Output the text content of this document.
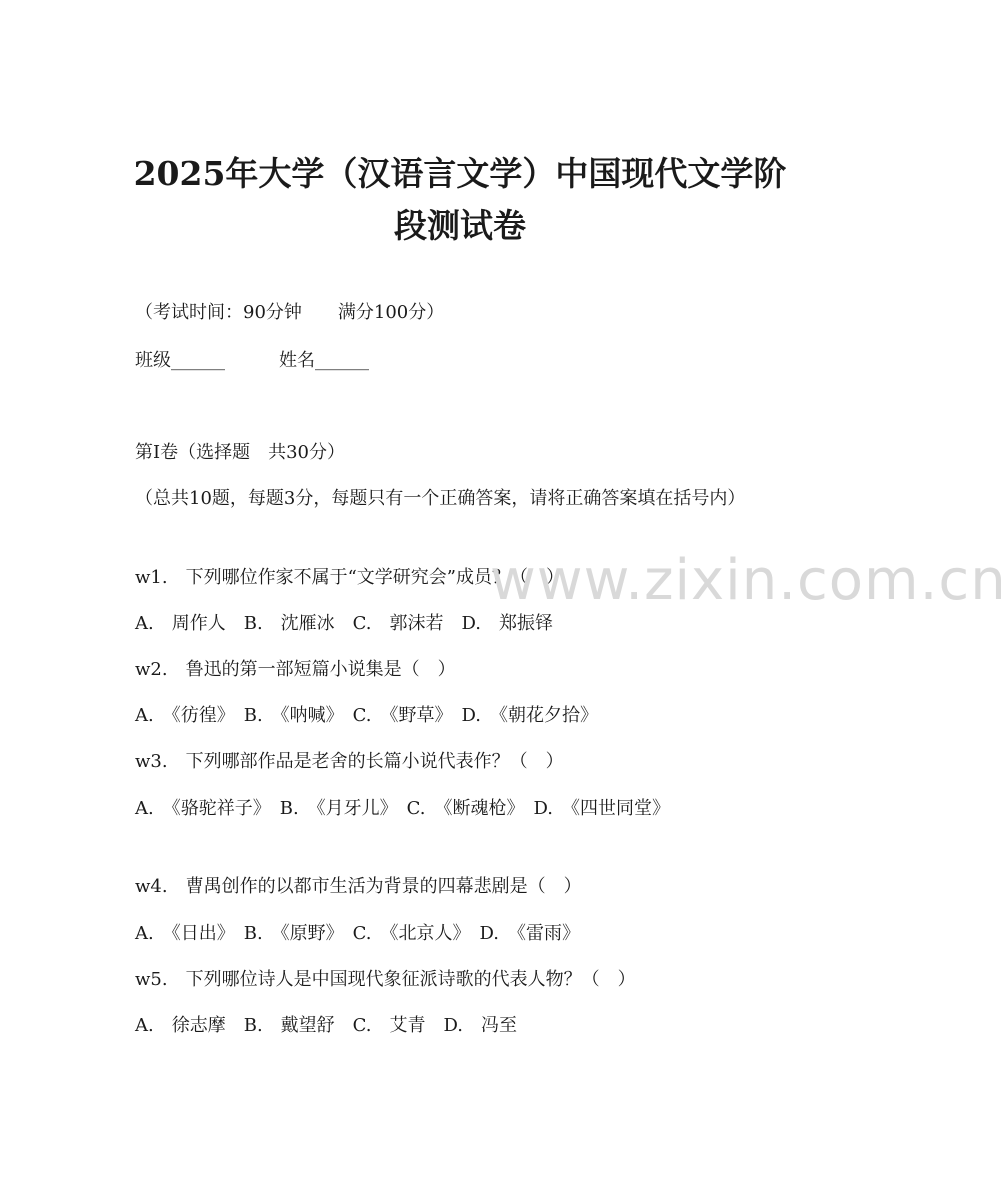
2025年大学（汉语言文学）中国现代文学阶段测试卷
（考试时间：90分钟　　满分100分）
班级______　　　姓名______
第Ⅰ卷（选择题　共30分）
（总共10题，每题3分，每题只有一个正确答案，请将正确答案填在括号内）
w1.　下列哪位作家不属于“文学研究会”成员？（　）
A.　周作人　B.　沈雁冰　C.　郭沫若　D.　郑振铎
w2.　鲁迅的第一部短篇小说集是（　）
A.　《彷徨》　B.　《呐喊》　C.　《野草》　D.　《朝花夕拾》
w3.　下列哪部作品是老舍的长篇小说代表作？（　）
A.　《骆驼祥子》　B.　《月牙儿》　C.　《断魂枪》　D.　《四世同堂》
w4.　曹禺创作的以都市生活为背景的四幕悲剧是（　）
A.　《日出》　B.　《原野》　C.　《北京人》　D.　《雷雨》
w5.　下列哪位诗人是中国现代象征派诗歌的代表人物？（　）
A.　徐志摩　B.　戴望舒　C.　艾青　D.　冯至
www.zixin.com.cn
